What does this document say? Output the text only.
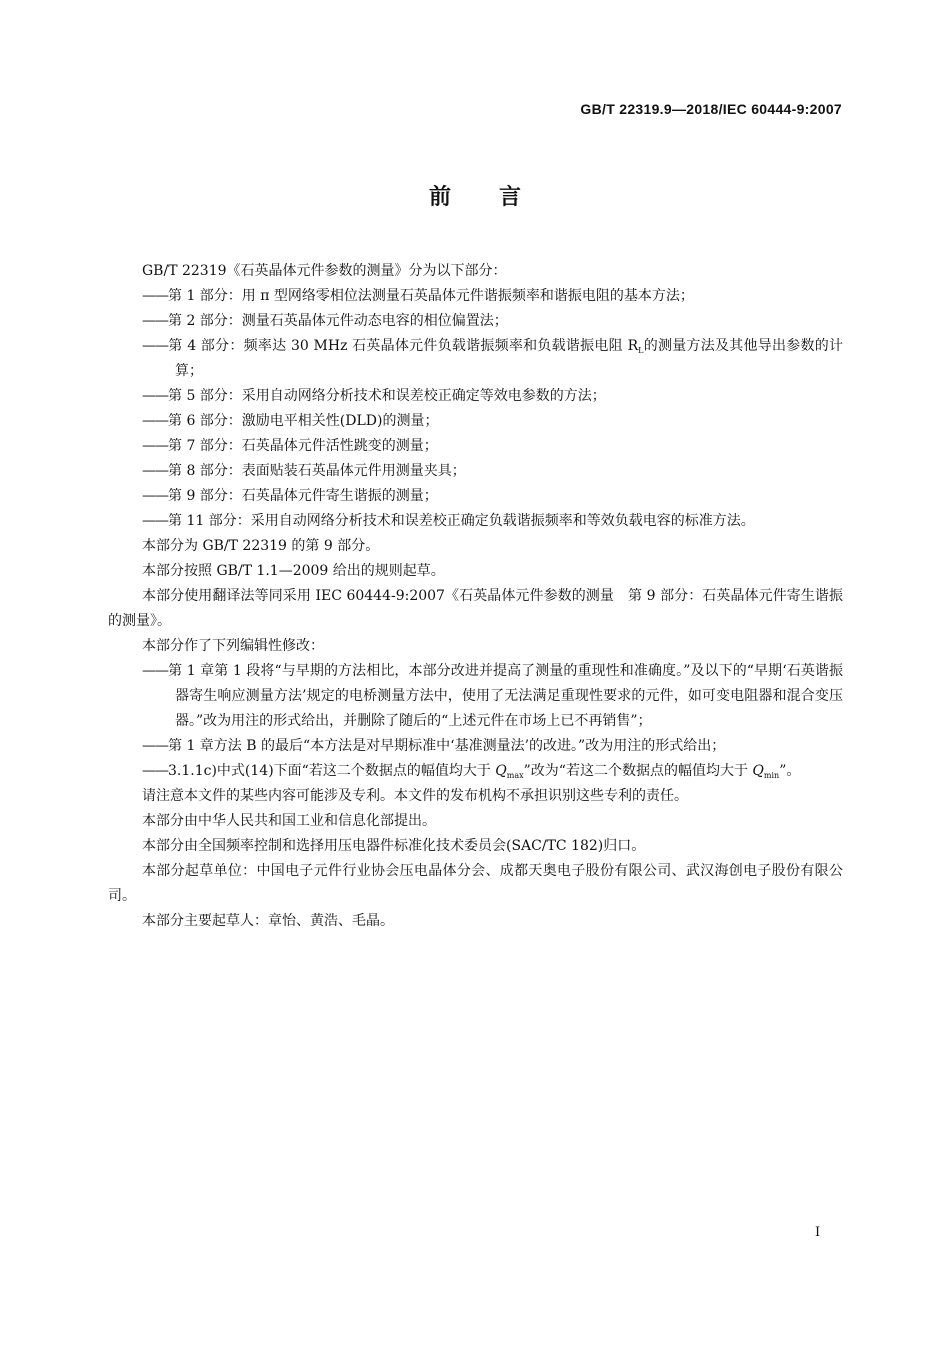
GB/T 22319.9—2018/IEC 60444-9:2007
前言

GB/T 22319《石英晶体元件参数的测量》分为以下部分：

——第 1 部分：用 π 型网络零相位法测量石英晶体元件谐振频率和谐振电阻的基本方法；

——第 2 部分：测量石英晶体元件动态电容的相位偏置法；

——第 4 部分：频率达 30 MHz 石英晶体元件负载谐振频率和负载谐振电阻 $R_L$的测量方法及其他导出参数的计算；

——第 5 部分：采用自动网络分析技术和误差校正确定等效电参数的方法；

——第 6 部分：激励电平相关性(DLD)的测量；

——第 7 部分：石英晶体元件活性跳变的测量；

——第 8 部分：表面贴装石英晶体元件用测量夹具；

——第 9 部分：石英晶体元件寄生谐振的测量；

——第 11 部分：采用自动网络分析技术和误差校正确定负载谐振频率和等效负载电容的标准方法。

本部分为 GB/T 22319 的第 9 部分。

本部分按照 GB/T 1.1—2009 给出的规则起草。

本部分使用翻译法等同采用 IEC 60444-9:2007《石英晶体元件参数的测量　第 9 部分：石英晶体元件寄生谐振的测量》。

本部分作了下列编辑性修改：

——第 1 章第 1 段将“与早期的方法相比，本部分改进并提高了测量的重现性和准确度。”及以下的“早期‘石英谐振器寄生响应测量方法’规定的电桥测量方法中，使用了无法满足重现性要求的元件，如可变电阻器和混合变压器。”改为用注的形式给出，并删除了随后的“上述元件在市场上已不再销售”；

——第 1 章方法 B 的最后“本方法是对早期标准中‘基准测量法’的改进。”改为用注的形式给出；

——3.1.1c)中式(14)下面“若这二个数据点的幅值均大于 $Q_{max}$”改为“若这二个数据点的幅值均大于 $Q_{min}$”。

请注意本文件的某些内容可能涉及专利。本文件的发布机构不承担识别这些专利的责任。

本部分由中华人民共和国工业和信息化部提出。

本部分由全国频率控制和选择用压电器件标准化技术委员会(SAC/TC 182)归口。

本部分起草单位：中国电子元件行业协会压电晶体分会、成都天奥电子股份有限公司、武汉海创电子股份有限公司。

本部分主要起草人：章怡、黄浩、毛晶。

I
